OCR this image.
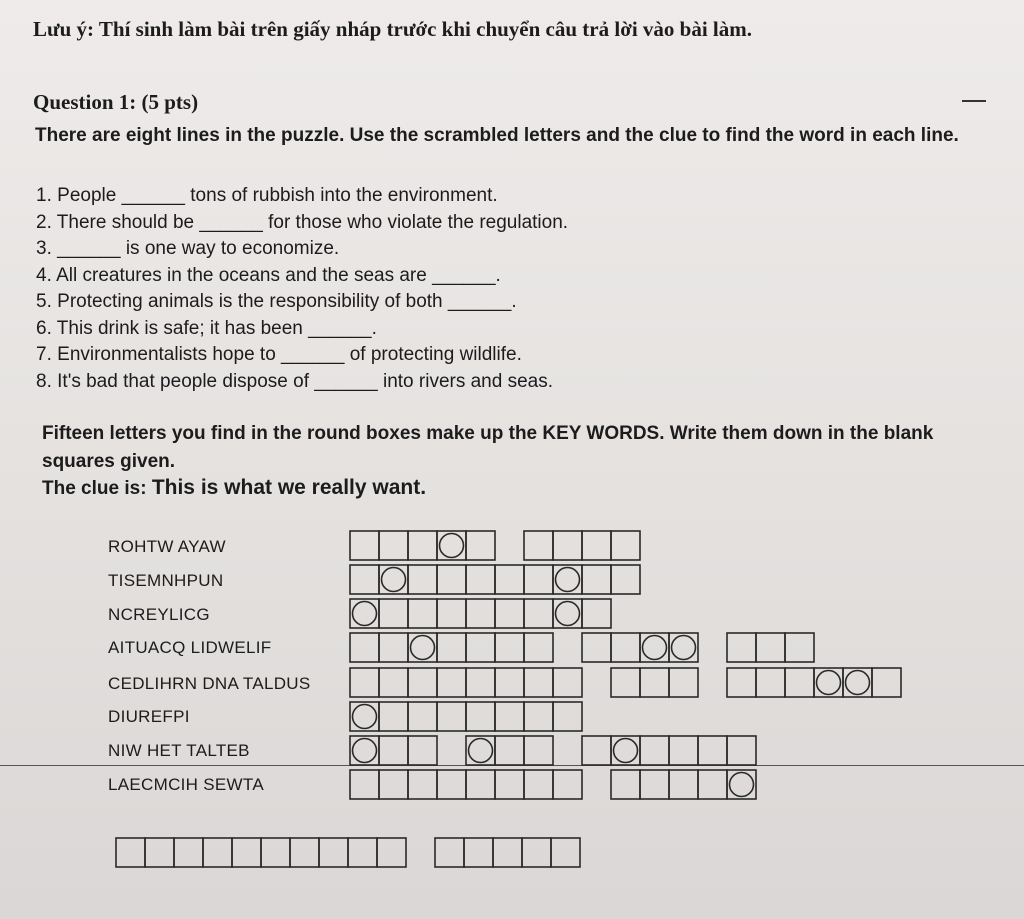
Lưu ý: Thí sinh làm bài trên giấy nháp trước khi chuyển câu trả lời vào bài làm.
Question 1: (5 pts)
There are eight lines in the puzzle. Use the scrambled letters and the clue to find the word in each line.
1. People ______ tons of rubbish into the environment.
2. There should be ______ for those who violate the regulation.
3. ______ is one way to economize.
4. All creatures in the oceans and the seas are ______.
5. Protecting animals is the responsibility of both ______.
6. This drink is safe; it has been ______.
7. Environmentalists hope to ______ of protecting wildlife.
8. It's bad that people dispose of ______ into rivers and seas.
Fifteen letters you find in the round boxes make up the KEY WORDS. Write them down in the blank squares given.
The clue is: This is what we really want.
ROHTW AYAW
TISEMNHPUN
NCREYLICG
AITUACQ LIDWELIF
CEDLIHRN DNA TALDUS
DIUREFPI
NIW HET TALTEB
LAECMCIH SEWTA
